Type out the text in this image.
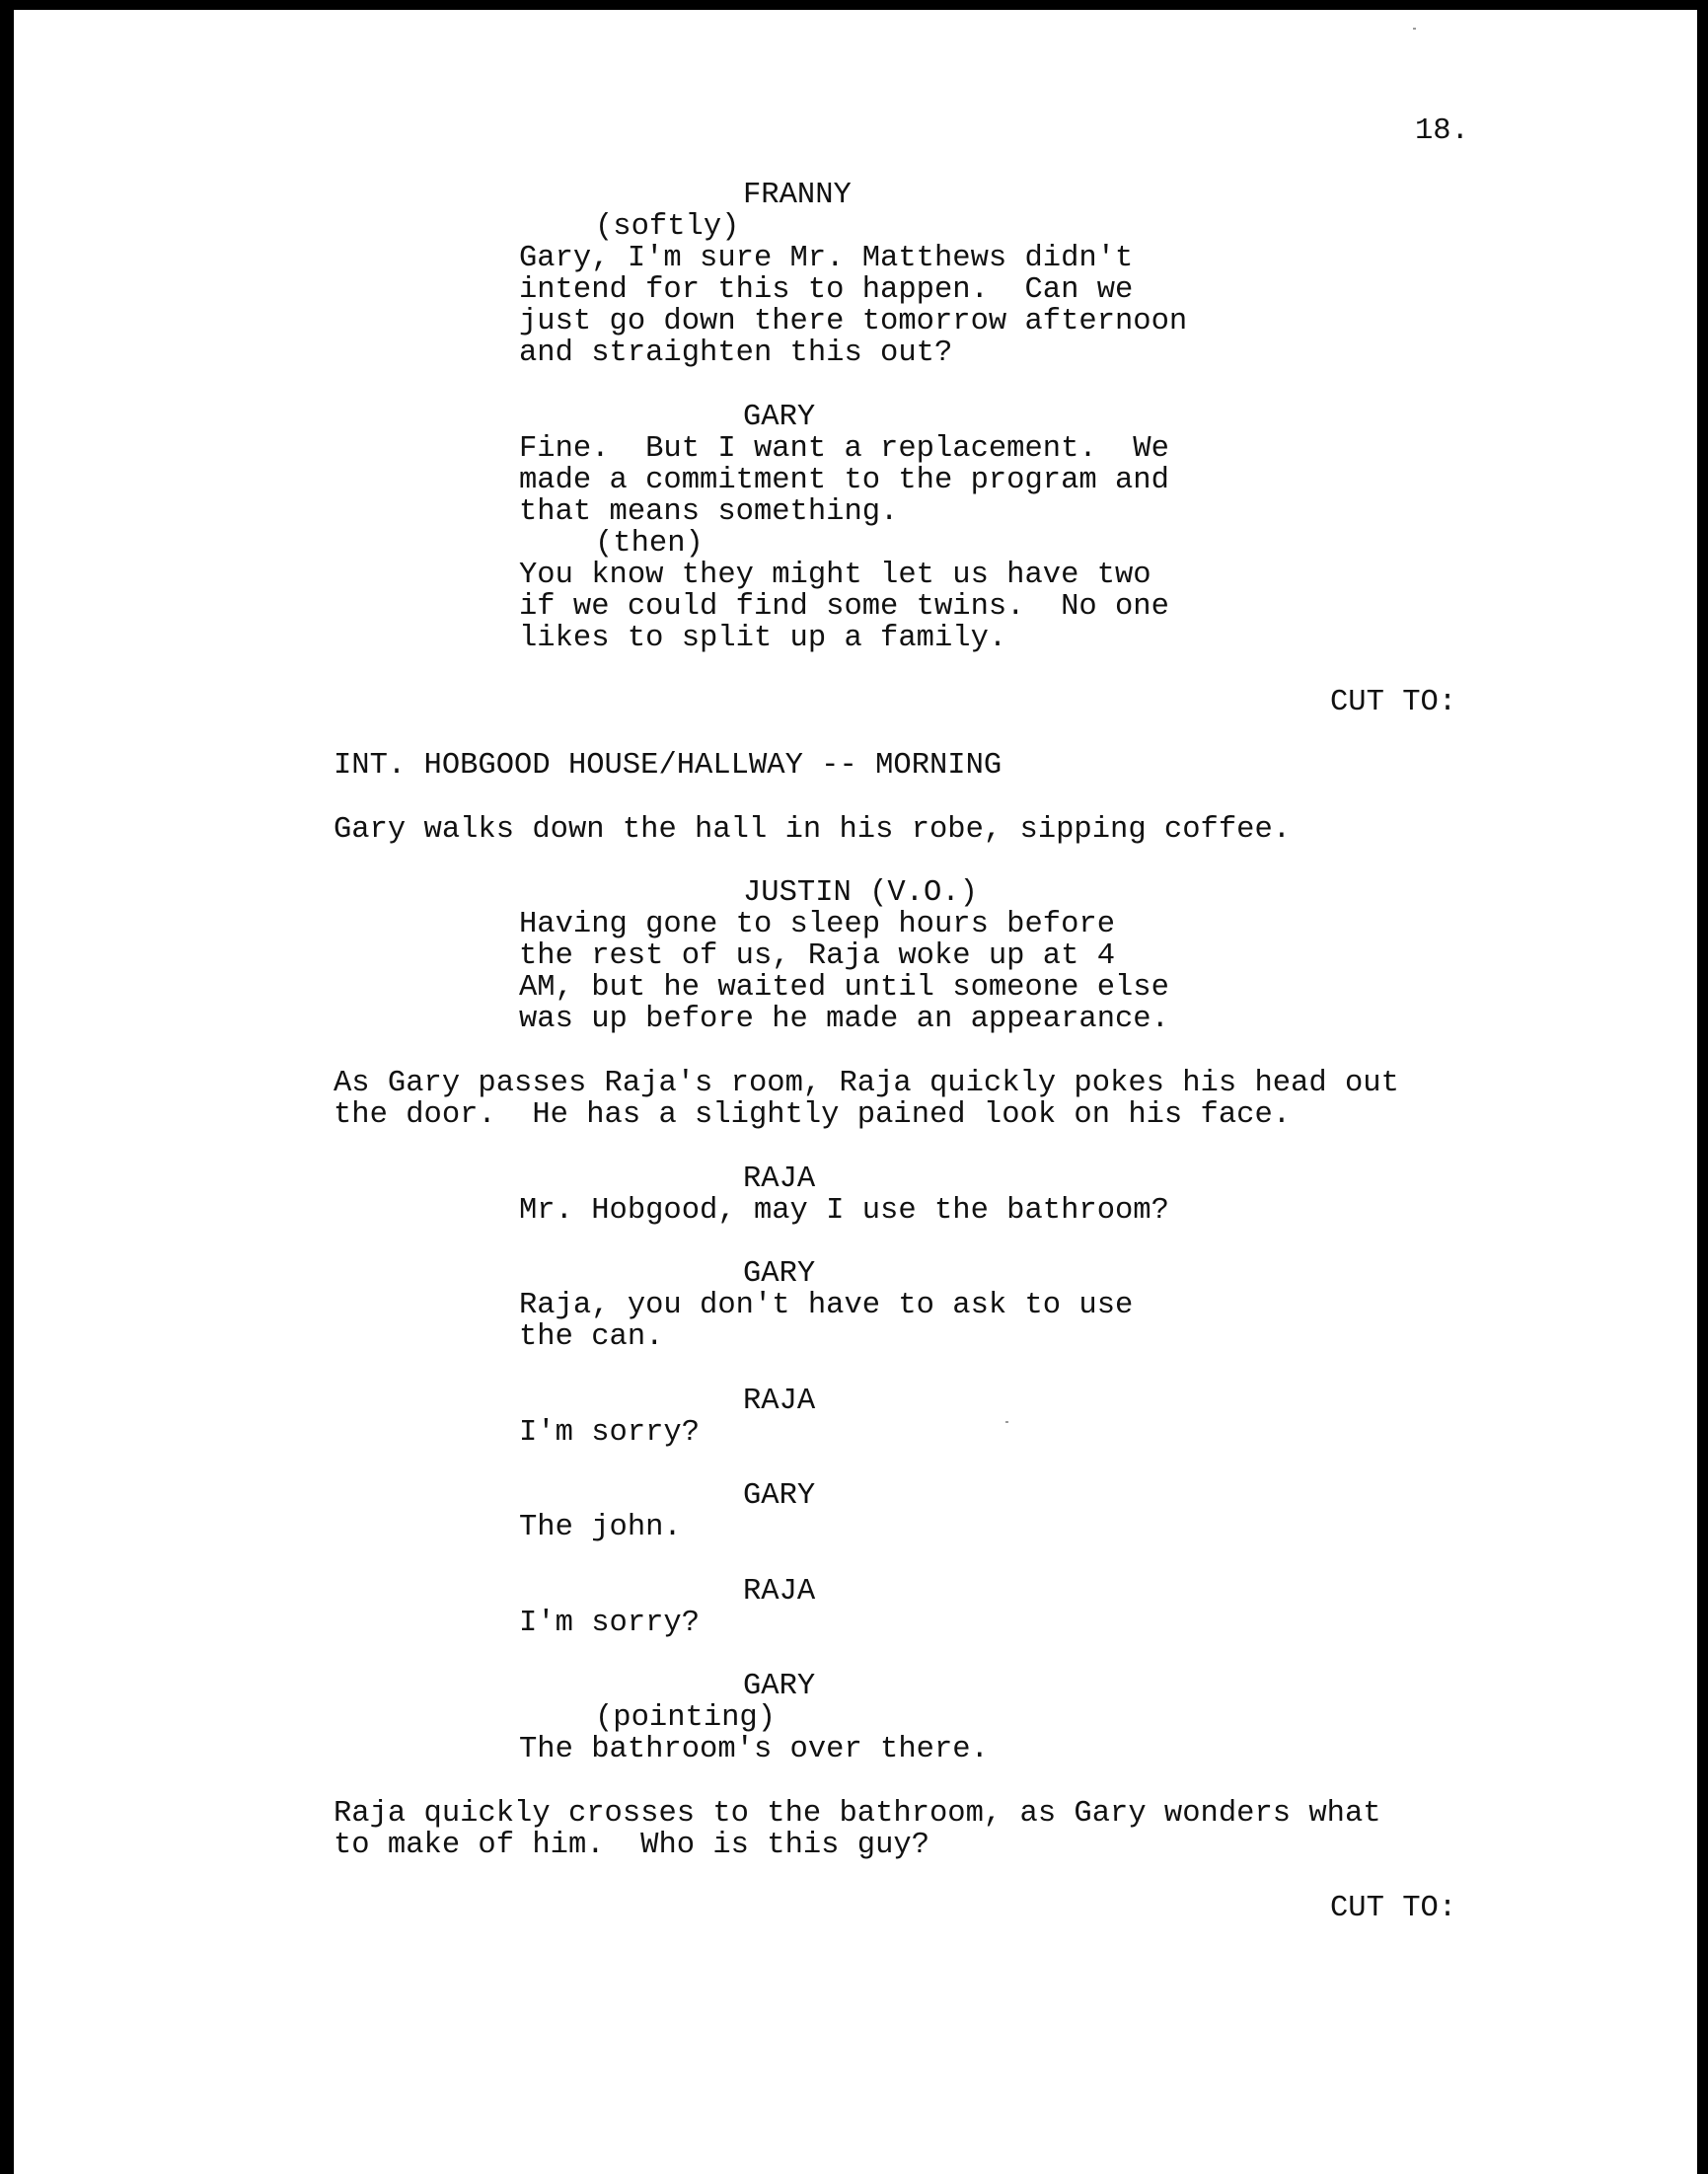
18.
FRANNY
(softly)
Gary, I'm sure Mr. Matthews didn't
intend for this to happen.  Can we
just go down there tomorrow afternoon
and straighten this out?
GARY
Fine.  But I want a replacement.  We
made a commitment to the program and
that means something.
(then)
You know they might let us have two
if we could find some twins.  No one
likes to split up a family.
CUT TO:
INT. HOBGOOD HOUSE/HALLWAY -- MORNING
Gary walks down the hall in his robe, sipping coffee.
JUSTIN (V.O.)
Having gone to sleep hours before
the rest of us, Raja woke up at 4
AM, but he waited until someone else
was up before he made an appearance.
As Gary passes Raja's room, Raja quickly pokes his head out
the door.  He has a slightly pained look on his face.
RAJA
Mr. Hobgood, may I use the bathroom?
GARY
Raja, you don't have to ask to use
the can.
RAJA
I'm sorry?
GARY
The john.
RAJA
I'm sorry?
GARY
(pointing)
The bathroom's over there.
Raja quickly crosses to the bathroom, as Gary wonders what
to make of him.  Who is this guy?
CUT TO:
